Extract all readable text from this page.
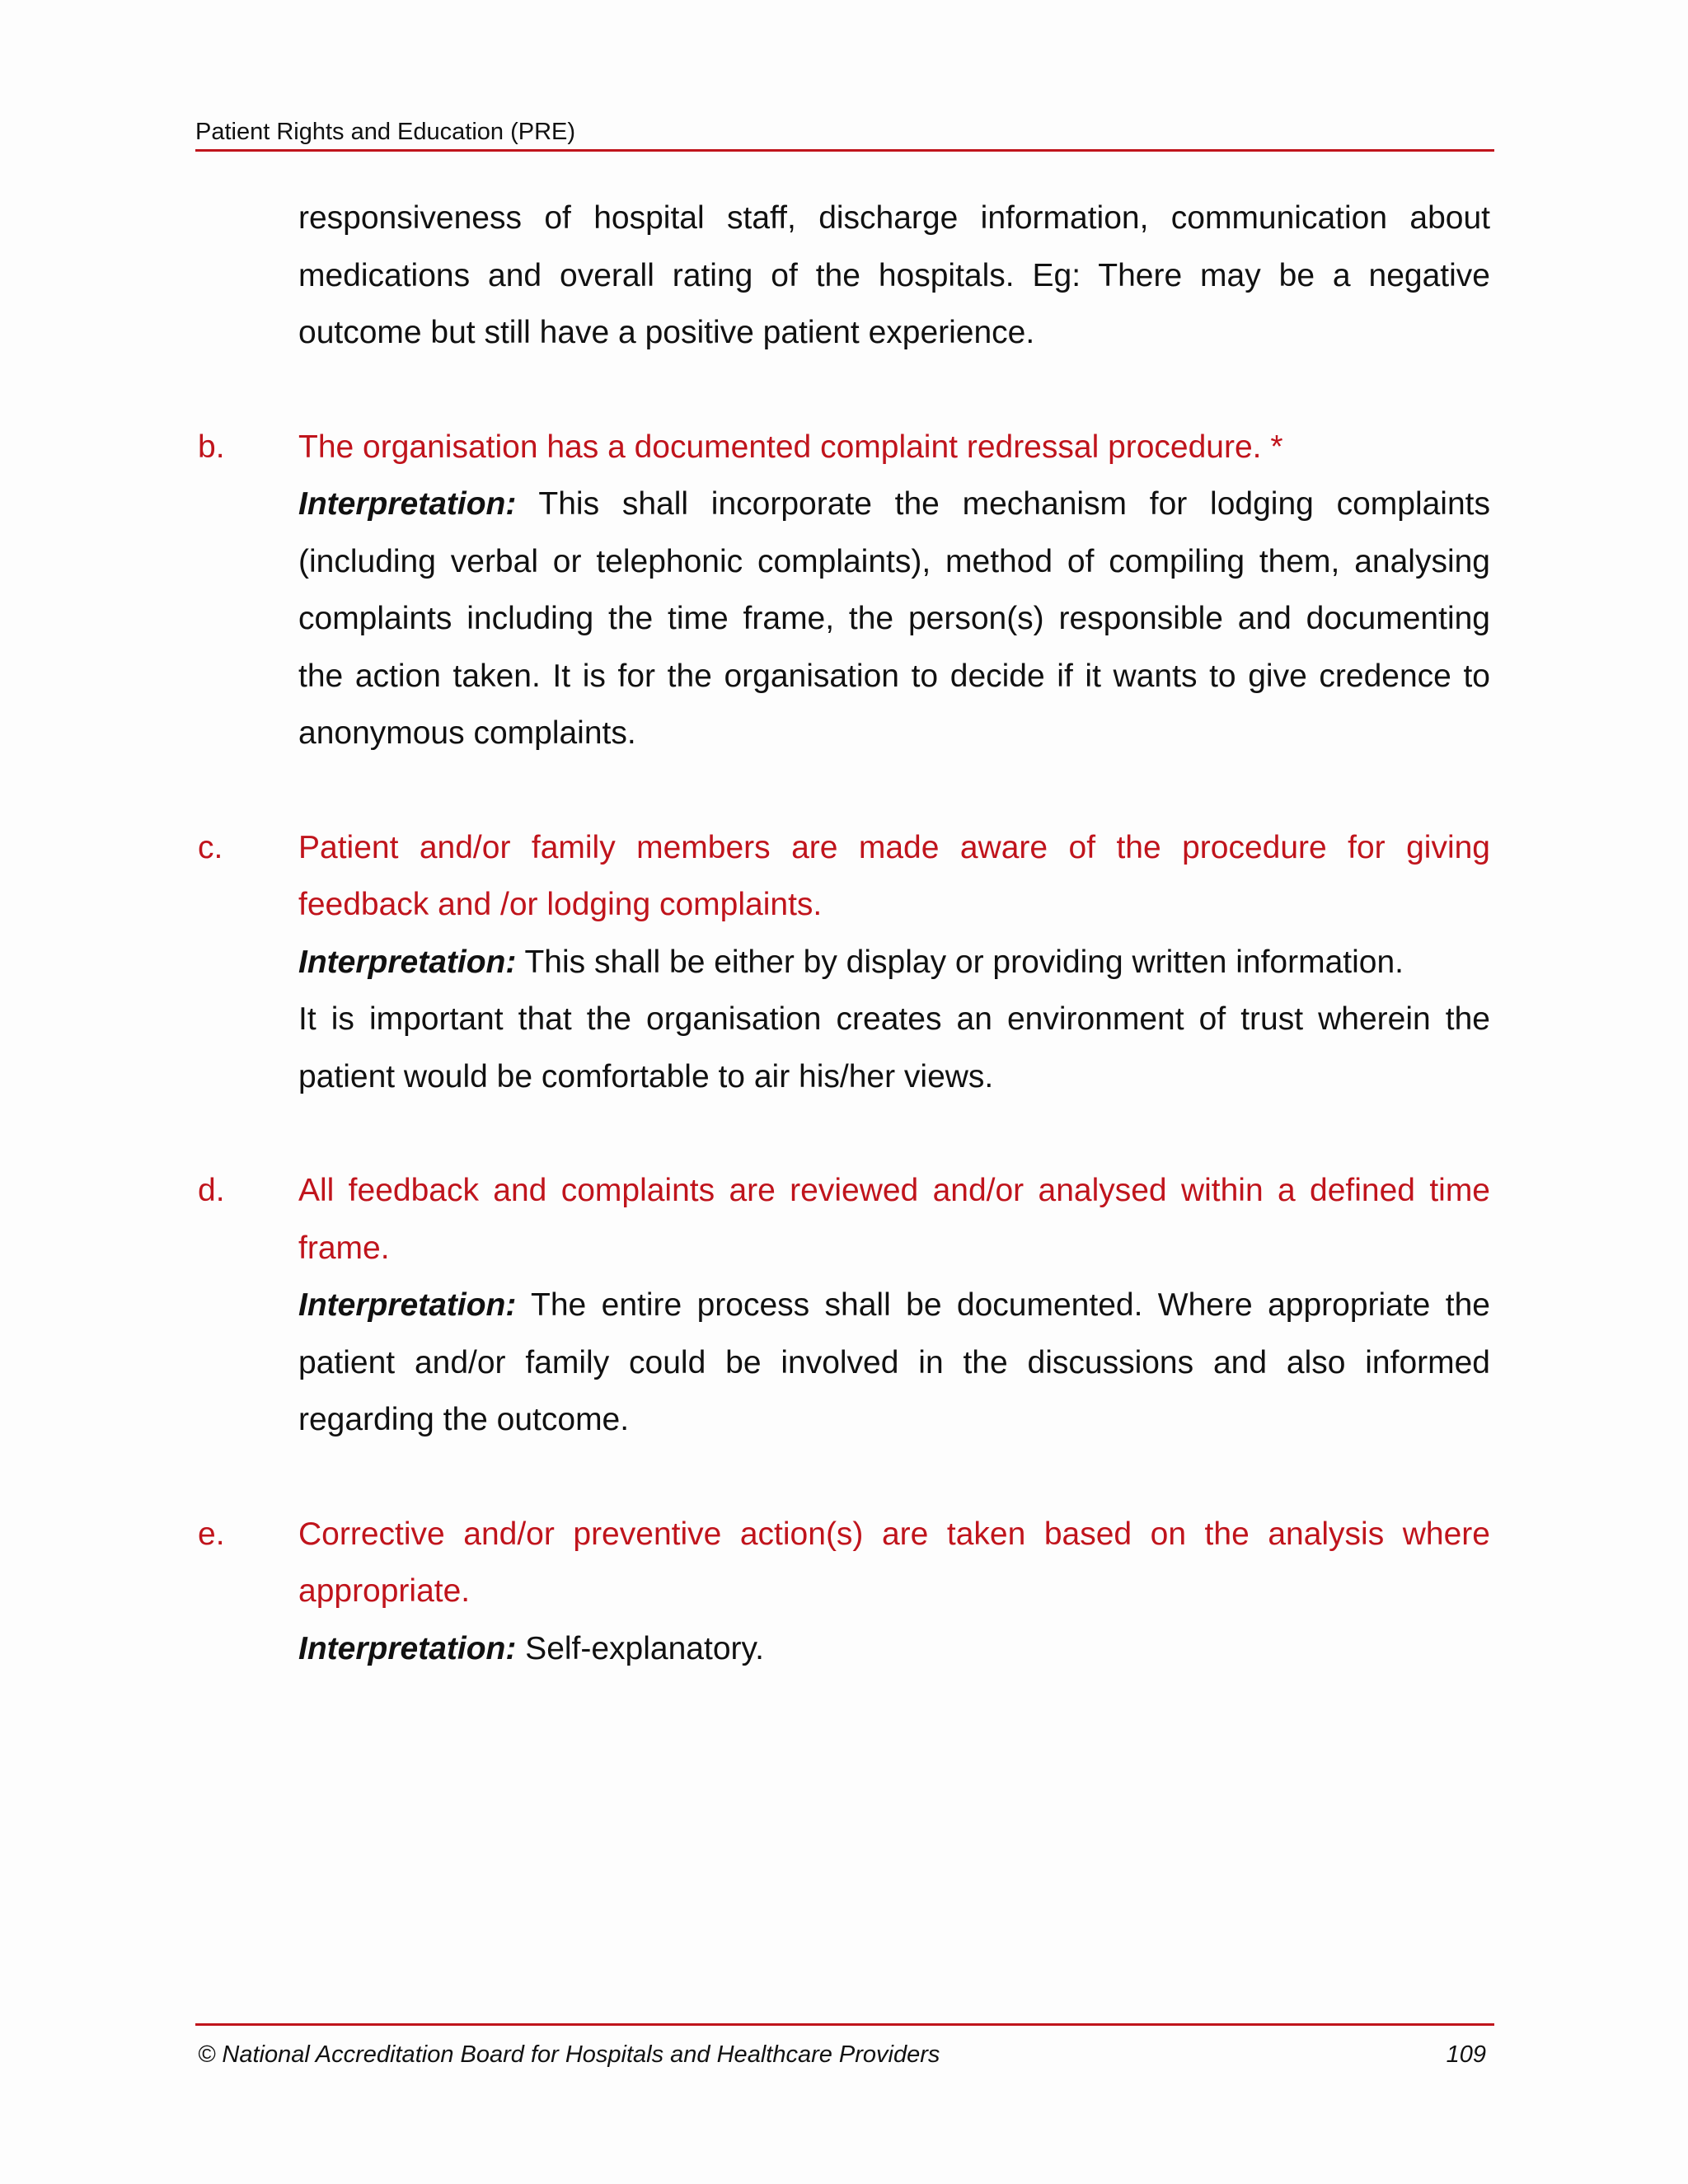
Patient Rights and Education (PRE)
responsiveness of hospital staff, discharge information, communication about medications and overall rating of the hospitals. Eg: There may be a negative outcome but still have a positive patient experience.
b. The organisation has a documented complaint redressal procedure. *
Interpretation: This shall incorporate the mechanism for lodging complaints (including verbal or telephonic complaints), method of compiling them, analysing complaints including the time frame, the person(s) responsible and documenting the action taken. It is for the organisation to decide if it wants to give credence to anonymous complaints.
c. Patient and/or family members are made aware of the procedure for giving feedback and /or lodging complaints.
Interpretation: This shall be either by display or providing written information.
It is important that the organisation creates an environment of trust wherein the patient would be comfortable to air his/her views.
d. All feedback and complaints are reviewed and/or analysed within a defined time frame.
Interpretation: The entire process shall be documented. Where appropriate the patient and/or family could be involved in the discussions and also informed regarding the outcome.
e. Corrective and/or preventive action(s) are taken based on the analysis where appropriate.
Interpretation: Self-explanatory.
© National Accreditation Board for Hospitals and Healthcare Providers	109
